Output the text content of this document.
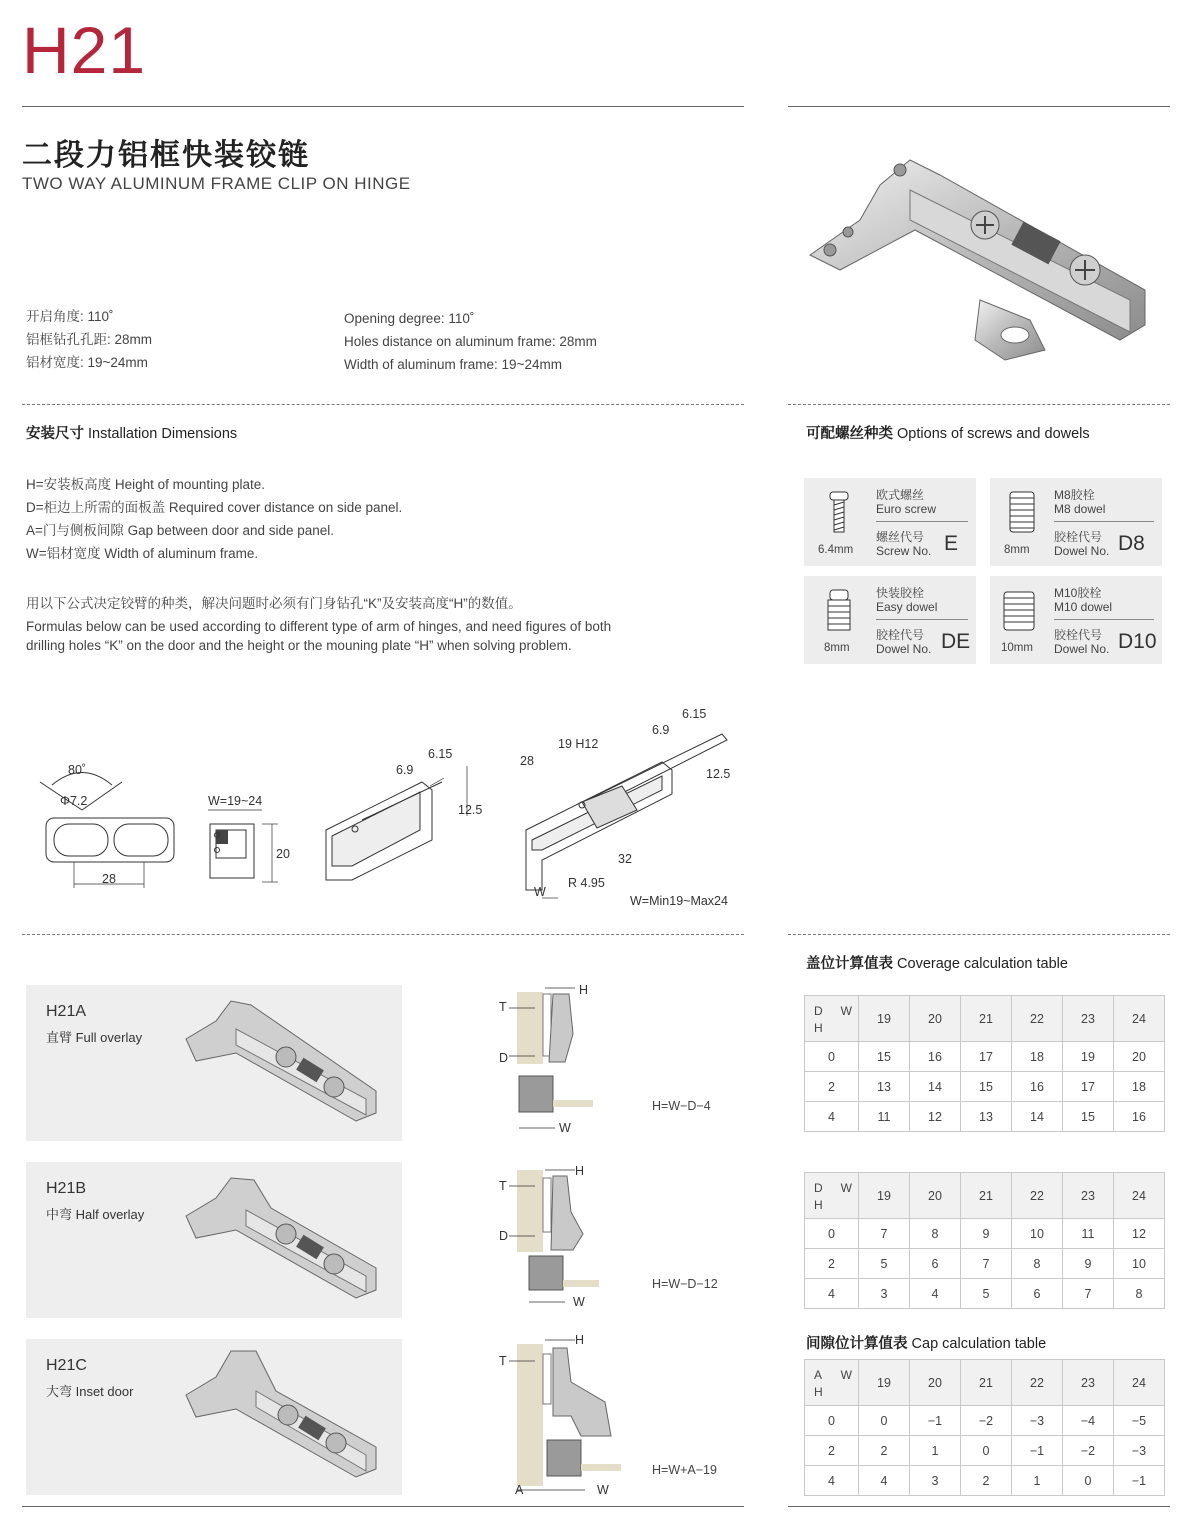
H21
二段力铝框快装铰链
TWO WAY ALUMINUM FRAME CLIP ON HINGE
开启角度: 110˚
铝框钻孔孔距: 28mm
铝材宽度: 19~24mm
Opening degree: 110˚
Holes distance on aluminum frame: 28mm
Width of aluminum frame: 19~24mm
安装尺寸 Installation Dimensions
H=安装板高度 Height of mounting plate.
D=柜边上所需的面板盖 Required cover distance on side panel.
A=门与侧板间隙 Gap between door and side panel.
W=铝材宽度 Width of aluminum frame.
用以下公式决定铰臂的种类，解决问题时必须有门身钻孔“K”及安装高度“H”的数值。
Formulas below can be used according to different type of arm of hinges, and need figures of both
drilling holes “K” on the door and the height or the mouning plate “H” when solving problem.
可配螺丝种类 Options of screws and dowels
6.4mm
欧式螺丝
Euro screw
螺丝代号
Screw No. E	8mm
M8胶栓
M8 dowel
胶栓代号
Dowel No. D8
8mm
快装胶栓
Easy dowel
胶栓代号
Dowel No. DE	10mm
M10胶栓
M10 dowel
胶栓代号
Dowel No. D10
80˚
Φ7.2
28
W=19~24
20
6.9
6.15
12.5
28
19 H12
6.9
6.15
12.5
32
R 4.95
W
W=Min19~Max24
H21A
直臂 Full overlay
H21B
中弯 Half overlay
H21C
大弯 Inset door
T
H
D
W
H=W−D−4
T
H
D
W
H=W−D−12
T
H
A	W
H=W+A−19
盖位计算值表 Coverage calculation table
D W
H	19	20	21	22	23	24
0	15	16	17	18	19	20
2	13	14	15	16	17	18
4	11	12	13	14	15	16
D W
H	19	20	21	22	23	24
0	7	8	9	10	11	12
2	5	6	7	8	9	10
4	3	4	5	6	7	8
间隙位计算值表 Cap calculation table
A W
H	19	20	21	22	23	24
0	0	−1	−2	−3	−4	−5
2	2	1	0	−1	−2	−3
4	4	3	2	1	0	−1
